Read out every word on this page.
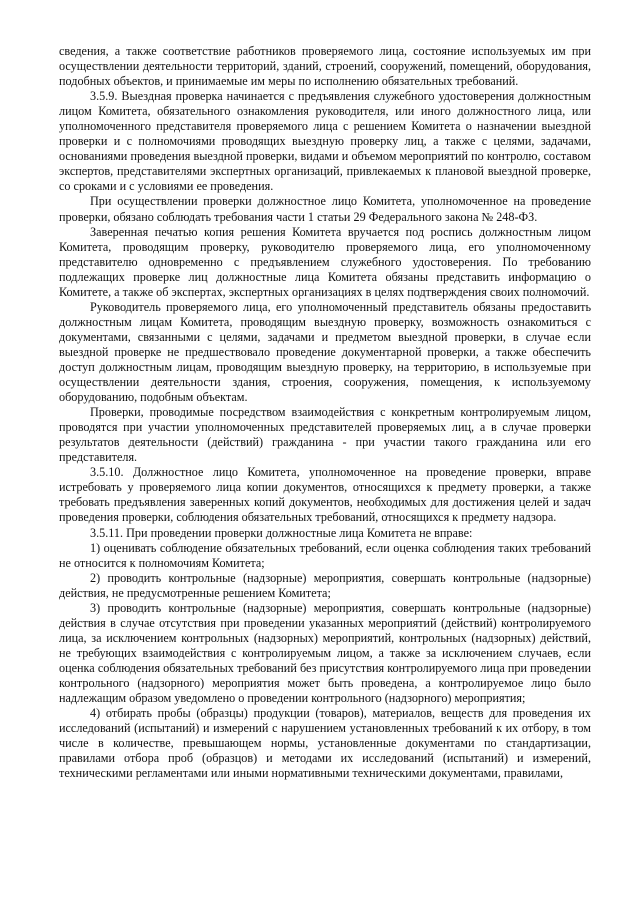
сведения, а также соответствие работников проверяемого лица, состояние используемых им при осуществлении деятельности территорий, зданий, строений, сооружений, помещений, оборудования, подобных объектов, и принимаемые им меры по исполнению обязательных требований.

3.5.9. Выездная проверка начинается с предъявления служебного удостоверения должностным лицом Комитета, обязательного ознакомления руководителя, или иного должностного лица, или уполномоченного представителя проверяемого лица с решением Комитета о назначении выездной проверки и с полномочиями проводящих выездную проверку лиц, а также с целями, задачами, основаниями проведения выездной проверки, видами и объемом мероприятий по контролю, составом экспертов, представителями экспертных организаций, привлекаемых к плановой выездной проверке, со сроками и с условиями ее проведения.

При осуществлении проверки должностное лицо Комитета, уполномоченное на проведение проверки, обязано соблюдать требования части 1 статьи 29 Федерального закона № 248-ФЗ.

Заверенная печатью копия решения Комитета вручается под роспись должностным лицом Комитета, проводящим проверку, руководителю проверяемого лица, его уполномоченному представителю одновременно с предъявлением служебного удостоверения. По требованию подлежащих проверке лиц должностные лица Комитета обязаны представить информацию о Комитете, а также об экспертах, экспертных организациях в целях подтверждения своих полномочий.

Руководитель проверяемого лица, его уполномоченный представитель обязаны предоставить должностным лицам Комитета, проводящим выездную проверку, возможность ознакомиться с документами, связанными с целями, задачами и предметом выездной проверки, в случае если выездной проверке не предшествовало проведение документарной проверки, а также обеспечить доступ должностным лицам, проводящим выездную проверку, на территорию, в используемые при осуществлении деятельности здания, строения, сооружения, помещения, к используемому оборудованию, подобным объектам.

Проверки, проводимые посредством взаимодействия с конкретным контролируемым лицом, проводятся при участии уполномоченных представителей проверяемых лиц, а в случае проверки результатов деятельности (действий) гражданина - при участии такого гражданина или его представителя.

3.5.10. Должностное лицо Комитета, уполномоченное на проведение проверки, вправе истребовать у проверяемого лица копии документов, относящихся к предмету проверки, а также требовать предъявления заверенных копий документов, необходимых для достижения целей и задач проведения проверки, соблюдения обязательных требований, относящихся к предмету надзора.

3.5.11. При проведении проверки должностные лица Комитета не вправе:

1) оценивать соблюдение обязательных требований, если оценка соблюдения таких требований не относится к полномочиям Комитета;

2) проводить контрольные (надзорные) мероприятия, совершать контрольные (надзорные) действия, не предусмотренные решением Комитета;

3) проводить контрольные (надзорные) мероприятия, совершать контрольные (надзорные) действия в случае отсутствия при проведении указанных мероприятий (действий) контролируемого лица, за исключением контрольных (надзорных) мероприятий, контрольных (надзорных) действий, не требующих взаимодействия с контролируемым лицом, а также за исключением случаев, если оценка соблюдения обязательных требований без присутствия контролируемого лица при проведении контрольного (надзорного) мероприятия может быть проведена, а контролируемое лицо было надлежащим образом уведомлено о проведении контрольного (надзорного) мероприятия;

4) отбирать пробы (образцы) продукции (товаров), материалов, веществ для проведения их исследований (испытаний) и измерений с нарушением установленных требований к их отбору, в том числе в количестве, превышающем нормы, установленные документами по стандартизации, правилами отбора проб (образцов) и методами их исследований (испытаний) и измерений, техническими регламентами или иными нормативными техническими документами, правилами,
